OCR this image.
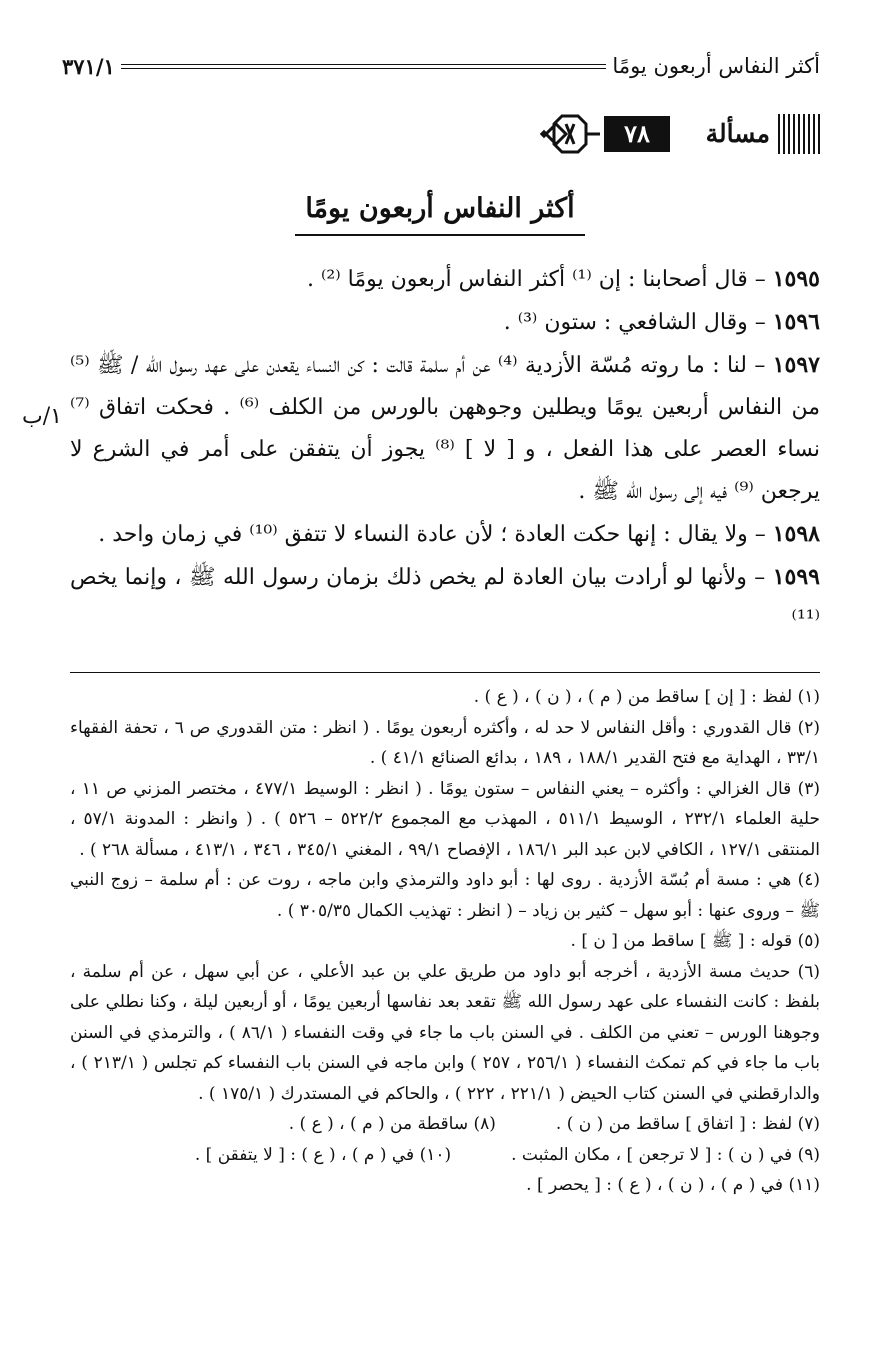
أكثر النفاس أربعون يومًا
٣٧١/١
مسألة
٧٨
أكثر النفاس أربعون يومًا
١/ب

١٥٩٥ – قال أصحابنا : إن ⁽¹⁾ أكثر النفاس أربعون يومًا ⁽²⁾ .

١٥٩٦ – وقال الشافعي : ستون ⁽³⁾ .

١٥٩٧ – لنا : ما روته مُسّة الأزدية ⁽⁴⁾ عن أم سلمة قالت : كن النساء يقعدن على عهد رسول الله / ﷺ ⁽⁵⁾ من النفاس أربعين يومًا ويطلين وجوههن بالورس من الكلف ⁽⁶⁾ . فحكت اتفاق ⁽⁷⁾ نساء العصر على هذا الفعل ، و [ لا ] ⁽⁸⁾ يجوز أن يتفقن على أمر في الشرع لا يرجعن ⁽⁹⁾ فيه إلى رسول الله ﷺ .

١٥٩٨ – ولا يقال : إنها حكت العادة ؛ لأن عادة النساء لا تتفق ⁽¹⁰⁾ في زمان واحد .

١٥٩٩ – ولأنها لو أرادت بيان العادة لم يخص ذلك بزمان رسول الله ﷺ ، وإنما يخص ⁽¹¹⁾

(١) لفظ : [ إن ] ساقط من ( م ) ، ( ن ) ، ( ع ) .

(٢) قال القدوري : وأقل النفاس لا حد له ، وأكثره أربعون يومًا . ( انظر : متن القدوري ص ٦ ، تحفة الفقهاء ٣٣/١ ، الهداية مع فتح القدير ١٨٨/١ ، ١٨٩ ، بدائع الصنائع ٤١/١ ) .

(٣) قال الغزالي : وأكثره – يعني النفاس – ستون يومًا . ( انظر : الوسيط ٤٧٧/١ ، مختصر المزني ص ١١ ، حلية العلماء ٢٣٢/١ ، الوسيط ٥١١/١ ، المهذب مع المجموع ٥٢٢/٢ – ٥٢٦ ) . ( وانظر : المدونة ٥٧/١ ، المنتقى ١٢٧/١ ، الكافي لابن عبد البر ١٨٦/١ ، الإفصاح ٩٩/١ ، المغني ٣٤٥/١ ، ٣٤٦ ، ٤١٣/١ ، مسألة ٢٦٨ ) .

(٤) هي : مسة أم بُسّة الأزدية . روى لها : أبو داود والترمذي وابن ماجه ، روت عن : أم سلمة – زوج النبي ﷺ – وروى عنها : أبو سهل – كثير بن زياد – ( انظر : تهذيب الكمال ٣٠٥/٣٥ ) .

(٥) قوله : [ ﷺ ] ساقط من [ ن ] .

(٦) حديث مسة الأزدية ، أخرجه أبو داود من طريق علي بن عبد الأعلي ، عن أبي سهل ، عن أم سلمة ، بلفظ : كانت النفساء على عهد رسول الله ﷺ تقعد بعد نفاسها أربعين يومًا ، أو أربعين ليلة ، وكنا نطلي على وجوهنا الورس – تعني من الكلف . في السنن باب ما جاء في وقت النفساء ( ٨٦/١ ) ، والترمذي في السنن باب ما جاء في كم تمكث النفساء ( ٢٥٦/١ ، ٢٥٧ ) وابن ماجه في السنن باب النفساء كم تجلس ( ٢١٣/١ ) ، والدارقطني في السنن كتاب الحيض ( ٢٢١/١ ، ٢٢٢ ) ، والحاكم في المستدرك ( ١٧٥/١ ) .

(٧) لفظ : [ اتفاق ] ساقط من ( ن ) .
(٨) ساقطة من ( م ) ، ( ع ) .
(٩) في ( ن ) : [ لا ترجعن ] ، مكان المثبت .
(١٠) في ( م ) ، ( ع ) : [ لا يتفقن ] .

(١١) في ( م ) ، ( ن ) ، ( ع ) : [ يحصر ] .
